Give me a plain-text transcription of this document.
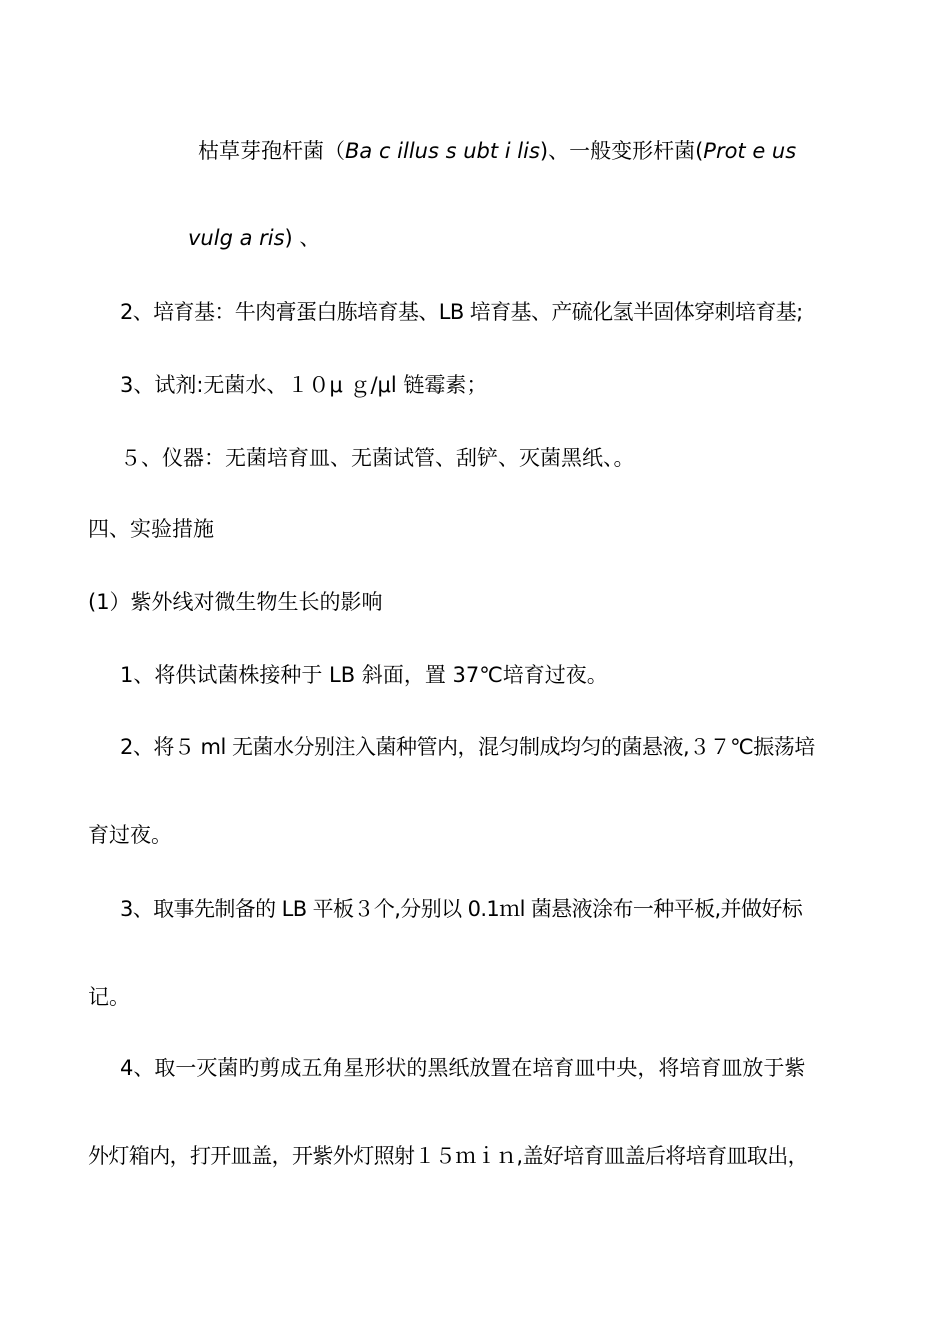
枯草芽孢杆菌（Ba c illus s ubt i lis)、一般变形杆菌(Prot e us
vulg a ris) 、
2、培育基：牛肉膏蛋白胨培育基、LB 培育基、产硫化氢半固体穿刺培育基;
3、试剂:无菌水、１０μ ｇ/μl 链霉素；
５、仪器：无菌培育皿、无菌试管、刮铲、灭菌黑纸、。
四、实验措施
(1）紫外线对微生物生长的影响
1、将供试菌株接种于 LB 斜面，置 37℃培育过夜。
2、将５ ml 无菌水分别注入菌种管内，混匀制成均匀的菌悬液,３７℃振荡培
育过夜。
3、取事先制备的 LB 平板３个,分别以 0.1ｍl 菌悬液涂布一种平板,并做好标
记。
4、取一灭菌旳剪成五角星形状的黑纸放置在培育皿中央，将培育皿放于紫
外灯箱内，打开皿盖，开紫外灯照射１５ｍｉｎ,盖好培育皿盖后将培育皿取出，
